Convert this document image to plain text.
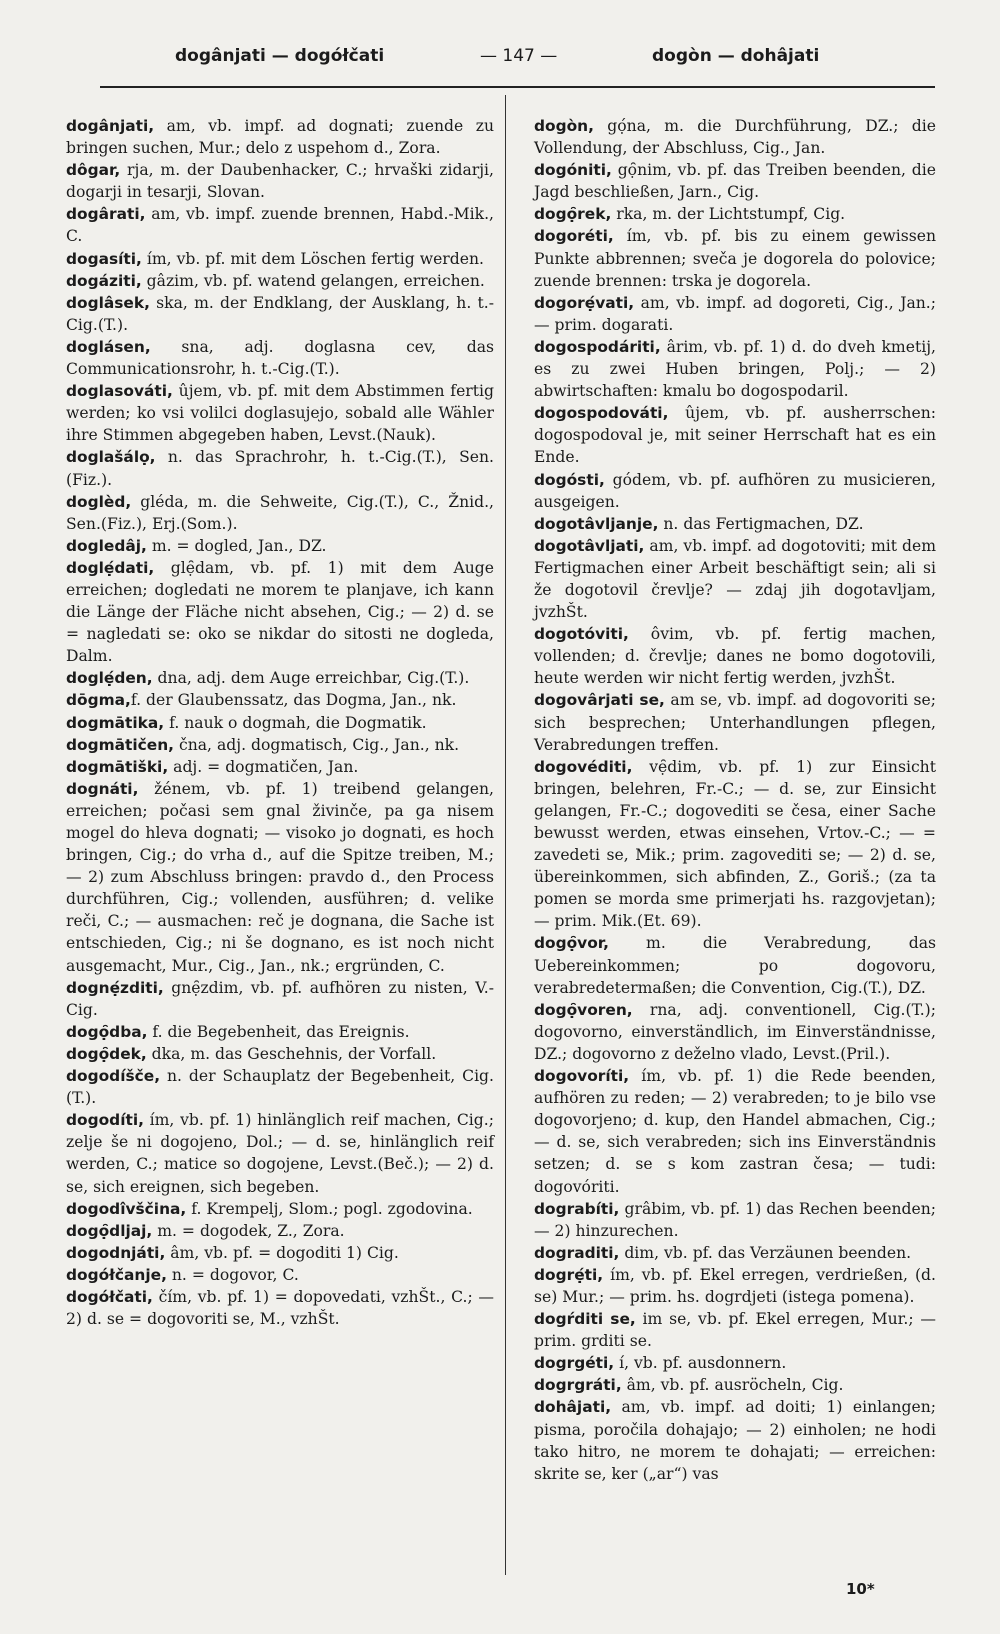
dogânjati — dogółčati	— 147 —	dogòn — dohâjati

dogânjati, am, vb. impf. ad dognati; zuende zu bringen suchen, Mur.; delo z uspehom d., Zora.

dôgar, rja, m. der Daubenhacker, C.; hrvaški zidarji, dogarji in tesarji, Slovan.

dogârati, am, vb. impf. zuende brennen, Habd.-Mik., C.

dogasíti, ím, vb. pf. mit dem Löschen fertig werden.

dogáziti, gâzim, vb. pf. watend gelangen, erreichen.

doglâsek, ska, m. der Endklang, der Ausklang, h. t.-Cig.(T.).

doglásen, sna, adj. doglasna cev, das Communicationsrohr, h. t.-Cig.(T.).

doglasováti, ûjem, vb. pf. mit dem Abstimmen fertig werden; ko vsi volilci doglasujejo, sobald alle Wähler ihre Stimmen abgegeben haben, Levst.(Nauk).

doglašálọ, n. das Sprachrohr, h. t.-Cig.(T.), Sen.(Fiz.).

doglèd, gléda, m. die Sehweite, Cig.(T.), C., Žnid., Sen.(Fiz.), Erj.(Som.).

dogledâj, m. = dogled, Jan., DZ.

doglẹ́dati, glẹ̑dam, vb. pf. 1) mit dem Auge erreichen; dogledati ne morem te planjave, ich kann die Länge der Fläche nicht absehen, Cig.; — 2) d. se = nagledati se: oko se nikdar do sitosti ne dogleda, Dalm.

doglẹ́den, dna, adj. dem Auge erreichbar, Cig.(T.).

dōgma,f. der Glaubenssatz, das Dogma, Jan., nk.

dogmātika, f. nauk o dogmah, die Dogmatik.

dogmātičen, čna, adj. dogmatisch, Cig., Jan., nk.

dogmātiški, adj. = dogmatičen, Jan.

dognáti, žénem, vb. pf. 1) treibend gelangen, erreichen; počasi sem gnal živinče, pa ga nisem mogel do hleva dognati; — visoko jo dognati, es hoch bringen, Cig.; do vrha d., auf die Spitze treiben, M.; — 2) zum Abschluss bringen: pravdo d., den Process durchführen, Cig.; vollenden, ausführen; d. velike reči, C.; — ausmachen: reč je dognana, die Sache ist entschieden, Cig.; ni še dognano, es ist noch nicht ausgemacht, Mur., Cig., Jan., nk.; ergründen, C.

dognẹ́zditi, gnẹ̑zdim, vb. pf. aufhören zu nisten, V.-Cig.

dogọ̑dba, f. die Begebenheit, das Ereignis.

dogọ̑dek, dka, m. das Geschehnis, der Vorfall.

dogodíšče, n. der Schauplatz der Begebenheit, Cig.(T.).

dogodíti, ím, vb. pf. 1) hinlänglich reif machen, Cig.; zelje še ni dogojeno, Dol.; — d. se, hinlänglich reif werden, C.; matice so dogojene, Levst.(Beč.); — 2) d. se, sich ereignen, sich begeben.

dogodîvščina, f. Krempelj, Slom.; pogl. zgodovina.

dogọ̑dljaj, m. = dogodek, Z., Zora.

dogodnjáti, âm, vb. pf. = dogoditi 1) Cig.

dogółčanje, n. = dogovor, C.

dogółčati, čím, vb. pf. 1) = dopovedati, vzhŠt., C.; — 2) d. se = dogovoriti se, M., vzhŠt.

dogòn, gọ́na, m. die Durchführung, DZ.; die Vollendung, der Abschluss, Cig., Jan.

dogóniti, gọ̑nim, vb. pf. das Treiben beenden, die Jagd beschließen, Jarn., Cig.

dogọ̑rek, rka, m. der Lichtstumpf, Cig.

dogoréti, ím, vb. pf. bis zu einem gewissen Punkte abbrennen; sveča je dogorela do polovice; zuende brennen: trska je dogorela.

dogorẹ́vati, am, vb. impf. ad dogoreti, Cig., Jan.; — prim. dogarati.

dogospodáriti, ârim, vb. pf. 1) d. do dveh kmetij, es zu zwei Huben bringen, Polj.; — 2) abwirtschaften: kmalu bo dogospodaril.

dogospodováti, ûjem, vb. pf. ausherrschen: dogospodoval je, mit seiner Herrschaft hat es ein Ende.

dogósti, gódem, vb. pf. aufhören zu musicieren, ausgeigen.

dogotâvljanje, n. das Fertigmachen, DZ.

dogotâvljati, am, vb. impf. ad dogotoviti; mit dem Fertigmachen einer Arbeit beschäftigt sein; ali si že dogotovil črevlje? — zdaj jih dogotavljam, jvzhŠt.

dogotóviti, ôvim, vb. pf. fertig machen, vollenden; d. črevlje; danes ne bomo dogotovili, heute werden wir nicht fertig werden, jvzhŠt.

dogovârjati se, am se, vb. impf. ad dogovoriti se; sich besprechen; Unterhandlungen pflegen, Verabredungen treffen.

dogovéditi, vẹ̑dim, vb. pf. 1) zur Einsicht bringen, belehren, Fr.-C.; — d. se, zur Einsicht gelangen, Fr.-C.; dogovediti se česa, einer Sache bewusst werden, etwas einsehen, Vrtov.-C.; — = zavedeti se, Mik.; prim. zagovediti se; — 2) d. se, übereinkommen, sich abfinden, Z., Goriš.; (za ta pomen se morda sme primerjati hs. razgovjetan); — prim. Mik.(Et. 69).

dogọ̑vor, m. die Verabredung, das Uebereinkommen; po dogovoru, verabredetermaßen; die Convention, Cig.(T.), DZ.

dogọ̑voren, rna, adj. conventionell, Cig.(T.); dogovorno, einverständlich, im Einverständnisse, DZ.; dogovorno z deželno vlado, Levst.(Pril.).

dogovoríti, ím, vb. pf. 1) die Rede beenden, aufhören zu reden; — 2) verabreden; to je bilo vse dogovorjeno; d. kup, den Handel abmachen, Cig.; — d. se, sich verabreden; sich ins Einverständnis setzen; d. se s kom zastran česa; — tudi: dogovóriti.

dograbíti, grâbim, vb. pf. 1) das Rechen beenden; — 2) hinzurechen.

dograditi, dim, vb. pf. das Verzäunen beenden.

dogrẹ́ti, ím, vb. pf. Ekel erregen, verdrießen, (d. se) Mur.; — prim. hs. dogrdjeti (istega pomena).

dogŕditi se, im se, vb. pf. Ekel erregen, Mur.; — prim. grditi se.

dogrgéti, í, vb. pf. ausdonnern.

dogrgráti, âm, vb. pf. ausröcheln, Cig.

dohâjati, am, vb. impf. ad doiti; 1) einlangen; pisma, poročila dohajajo; — 2) einholen; ne hodi tako hitro, ne morem te dohajati; — erreichen: skrite se, ker („ar“) vas

10*
